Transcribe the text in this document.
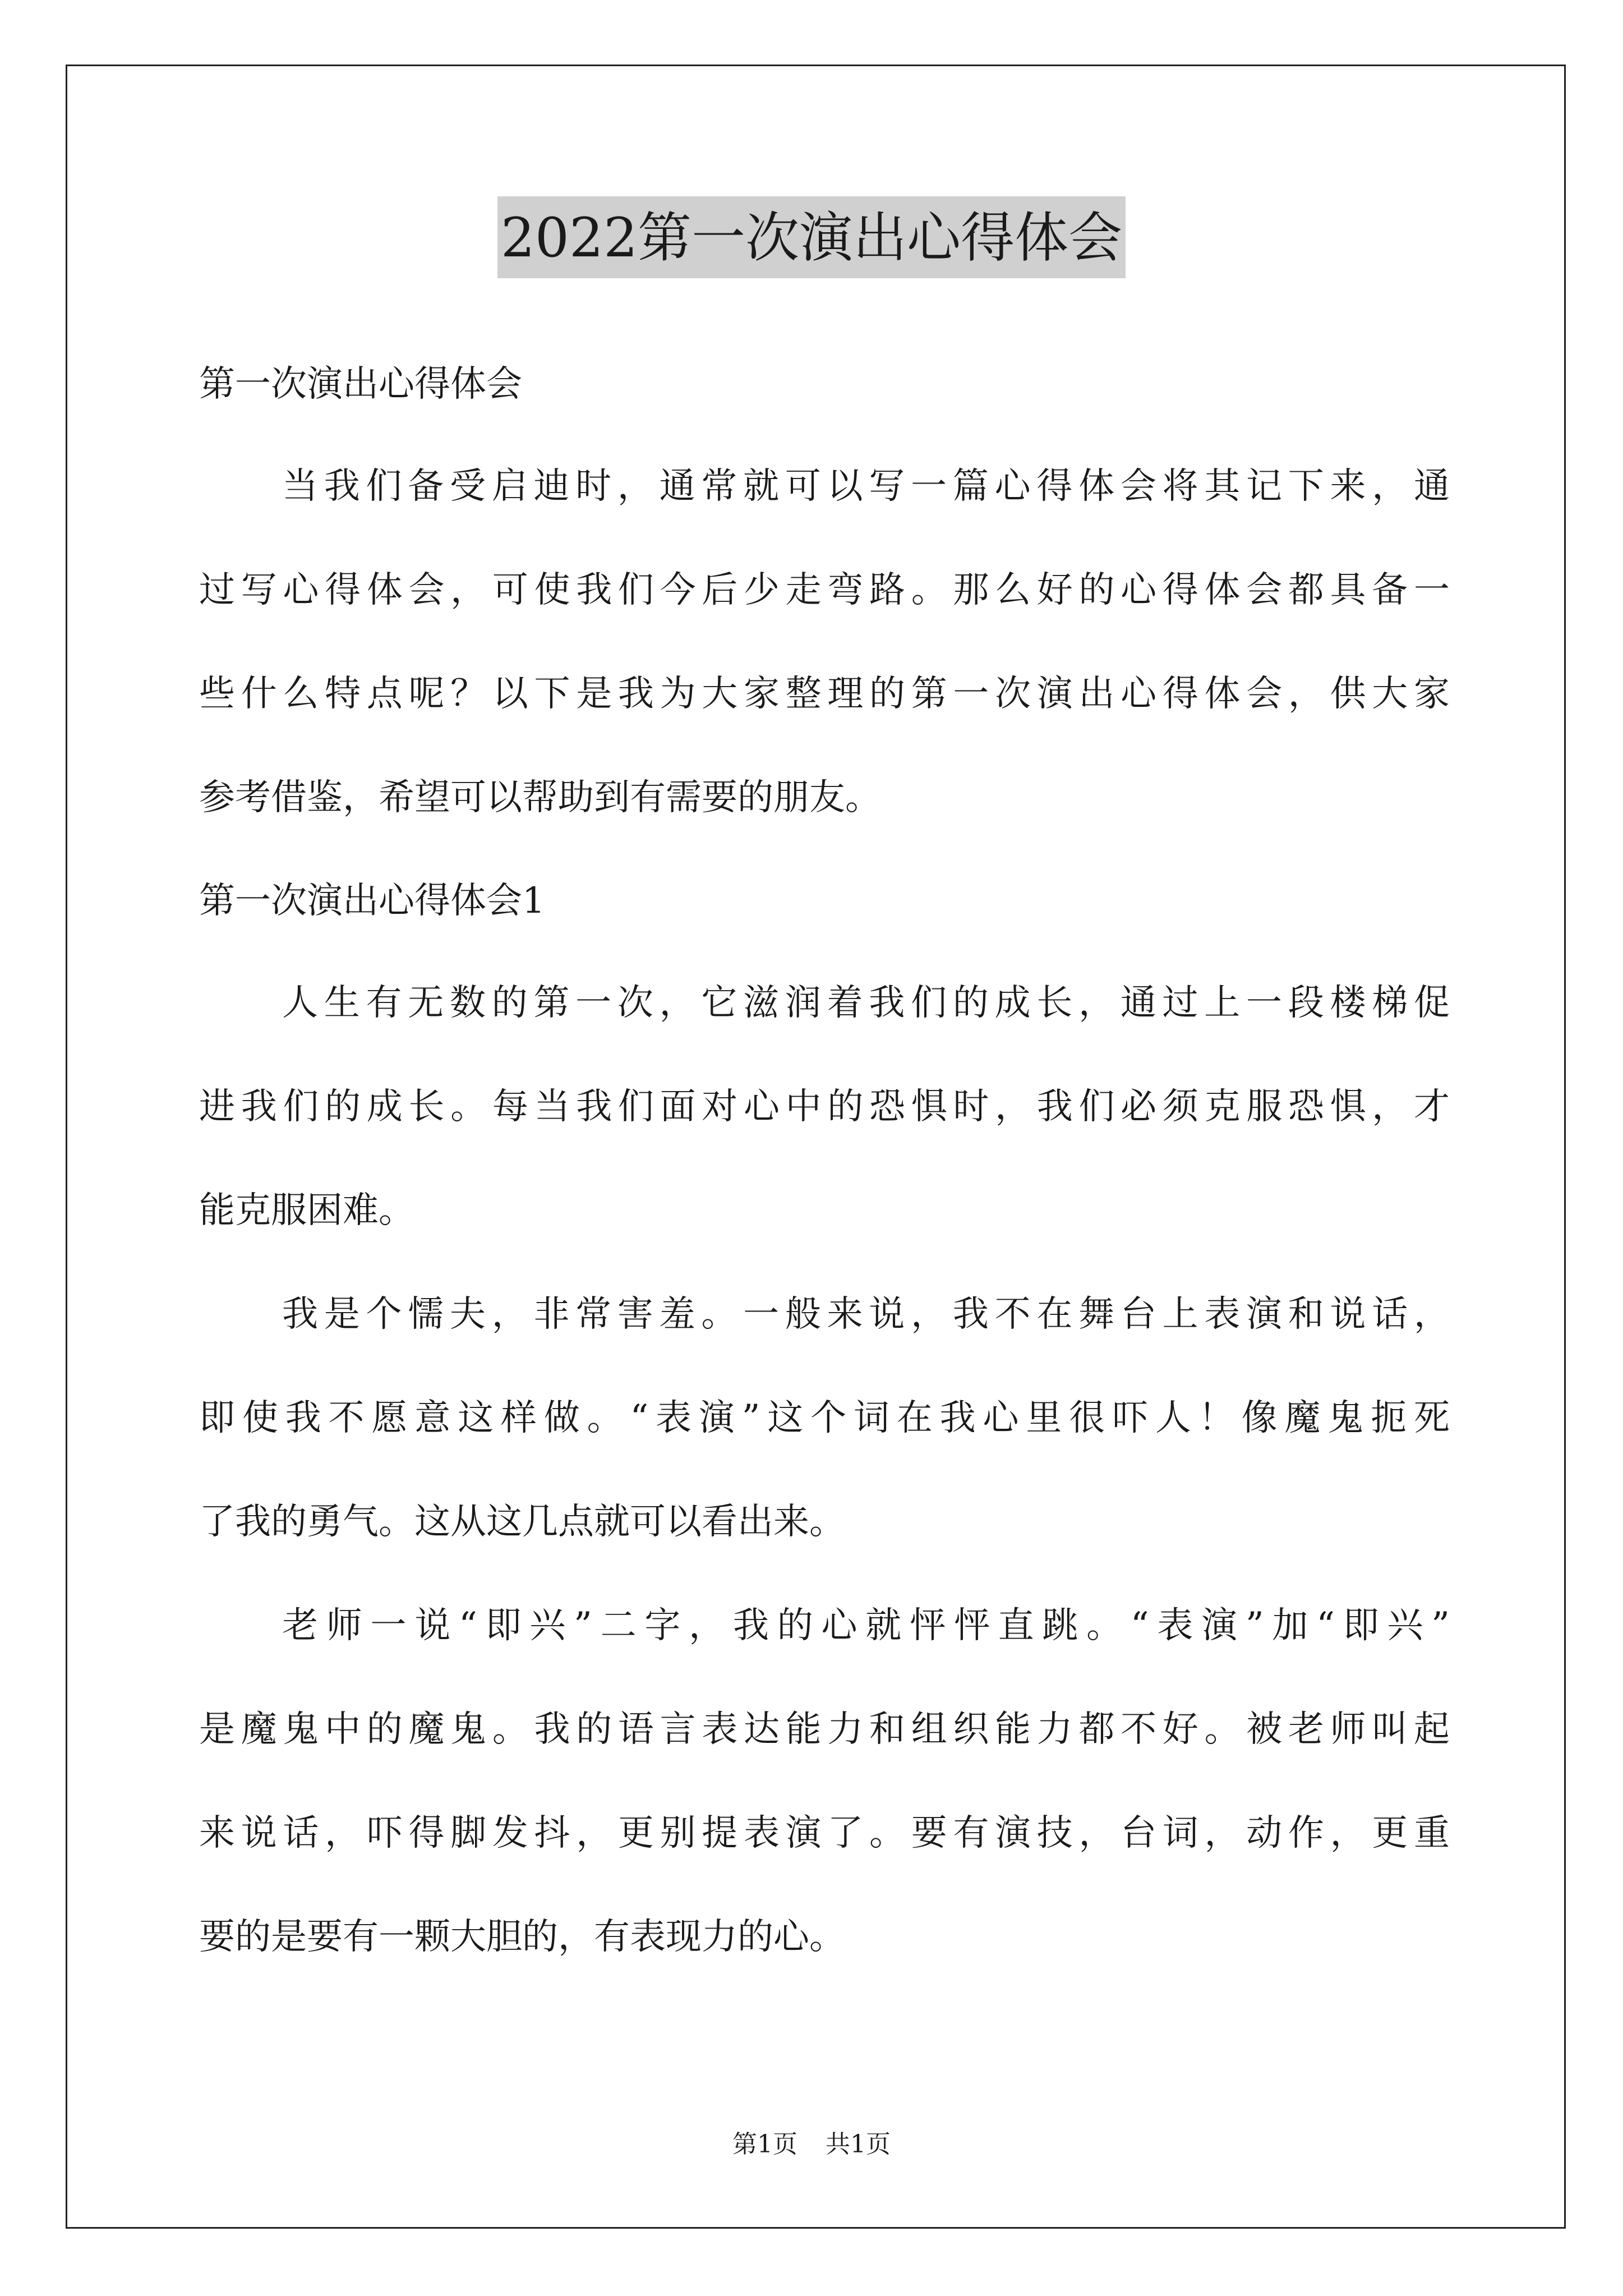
2022第一次演出心得体会
第一次演出心得体会
当我们备受启迪时，通常就可以写一篇心得体会将其记下来，通
过写心得体会，可使我们今后少走弯路。那么好的心得体会都具备一
些什么特点呢？以下是我为大家整理的第一次演出心得体会，供大家
参考借鉴，希望可以帮助到有需要的朋友。
第一次演出心得体会1
人生有无数的第一次，它滋润着我们的成长，通过上一段楼梯促
进我们的成长。每当我们面对心中的恐惧时，我们必须克服恐惧，才
能克服困难。
我是个懦夫，非常害羞。一般来说，我不在舞台上表演和说话，
即使我不愿意这样做。“表演”这个词在我心里很吓人！像魔鬼扼死
了我的勇气。这从这几点就可以看出来。
老师一说“即兴”二字，我的心就怦怦直跳。“表演”加“即兴”
是魔鬼中的魔鬼。我的语言表达能力和组织能力都不好。被老师叫起
来说话，吓得脚发抖，更别提表演了。要有演技，台词，动作，更重
要的是要有一颗大胆的，有表现力的心。
第1页 共1页
